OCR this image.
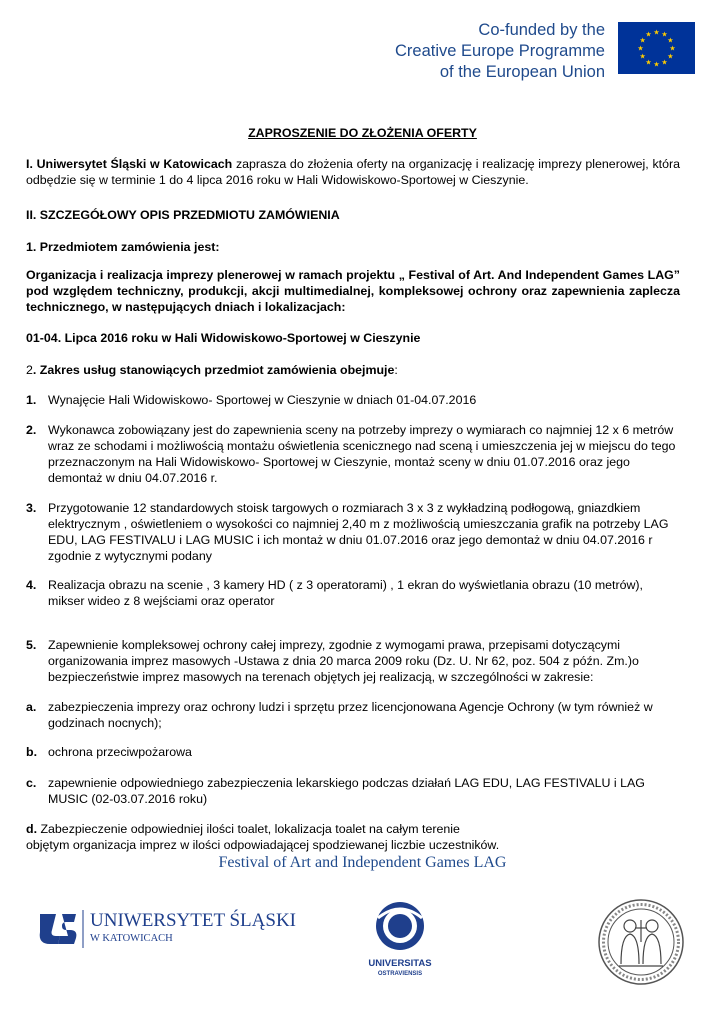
Co-funded by the
Creative Europe Programme
of the European Union
★ ★
★
★
★
★
★
★
★
★
★
★
ZAPROSZENIE DO ZŁOŻENIA OFERTY
I. Uniwersytet Śląski w Katowicach zaprasza do złożenia oferty na organizację i realizację imprezy plenerowej, która odbędzie się w terminie 1 do 4 lipca 2016 roku w Hali Widowiskowo-Sportowej w Cieszynie.
II. SZCZEGÓŁOWY OPIS PRZEDMIOTU ZAMÓWIENIA
1. Przedmiotem zamówienia jest:
Organizacja i realizacja imprezy plenerowej w ramach projektu „ Festival of Art. And Independent Games LAG” pod względem techniczny, produkcji, akcji multimedialnej, kompleksowej ochrony oraz zapewnienia zaplecza technicznego, w następujących dniach i lokalizacjach:
01-04. Lipca 2016 roku w Hali Widowiskowo-Sportowej w Cieszynie
2. Zakres usług stanowiących przedmiot zamówienia obejmuje:
1. Wynajęcie Hali Widowiskowo- Sportowej w Cieszynie w dniach 01-04.07.2016
2. Wykonawca zobowiązany jest do zapewnienia sceny na potrzeby imprezy o wymiarach co najmniej 12 x 6 metrów wraz ze schodami i możliwością montażu oświetlenia scenicznego nad sceną i umieszczenia jej w miejscu do tego przeznaczonym na Hali Widowiskowo- Sportowej w Cieszynie, montaż sceny w dniu 01.07.2016 oraz jego demontaż w dniu 04.07.2016 r.
3. Przygotowanie 12 standardowych stoisk targowych o rozmiarach 3 x 3 z wykładziną podłogową, gniazdkiem elektrycznym , oświetleniem o wysokości co najmniej 2,40 m z możliwością umieszczania grafik na potrzeby LAG EDU, LAG FESTIVALU i LAG MUSIC i ich montaż w dniu 01.07.2016 oraz jego demontaż w dniu 04.07.2016 r zgodnie z wytycznymi podany
4. Realizacja obrazu na scenie , 3 kamery HD ( z 3 operatorami) , 1 ekran do wyświetlania obrazu (10 metrów), mikser wideo z 8 wejściami oraz operator
5. Zapewnienie kompleksowej ochrony całej imprezy, zgodnie z wymogami prawa, przepisami dotyczącymi organizowania imprez masowych -Ustawa z dnia 20 marca 2009 roku (Dz. U. Nr 62, poz. 504 z późn. Zm.)o bezpieczeństwie imprez masowych na terenach objętych jej realizacją, w szczególności w zakresie:
a. zabezpieczenia imprezy oraz ochrony ludzi i sprzętu przez licencjonowana Agencje Ochrony (w tym również w godzinach nocnych);
b. ochrona przeciwpożarowa
c. zapewnienie odpowiedniego zabezpieczenia lekarskiego podczas działań LAG EDU, LAG FESTIVALU i LAG MUSIC (02-03.07.2016 roku)
d. Zabezpieczenie odpowiedniej ilości toalet, lokalizacja toalet na całym terenie
objętym organizacja imprez w ilości odpowiadającej spodziewanej liczbie uczestników.
Festival of Art and Independent Games LAG
UNIWERSYTET ŚLĄSKI
W KATOWICACH
UNIVERSITAS
OSTRAVIENSIS
